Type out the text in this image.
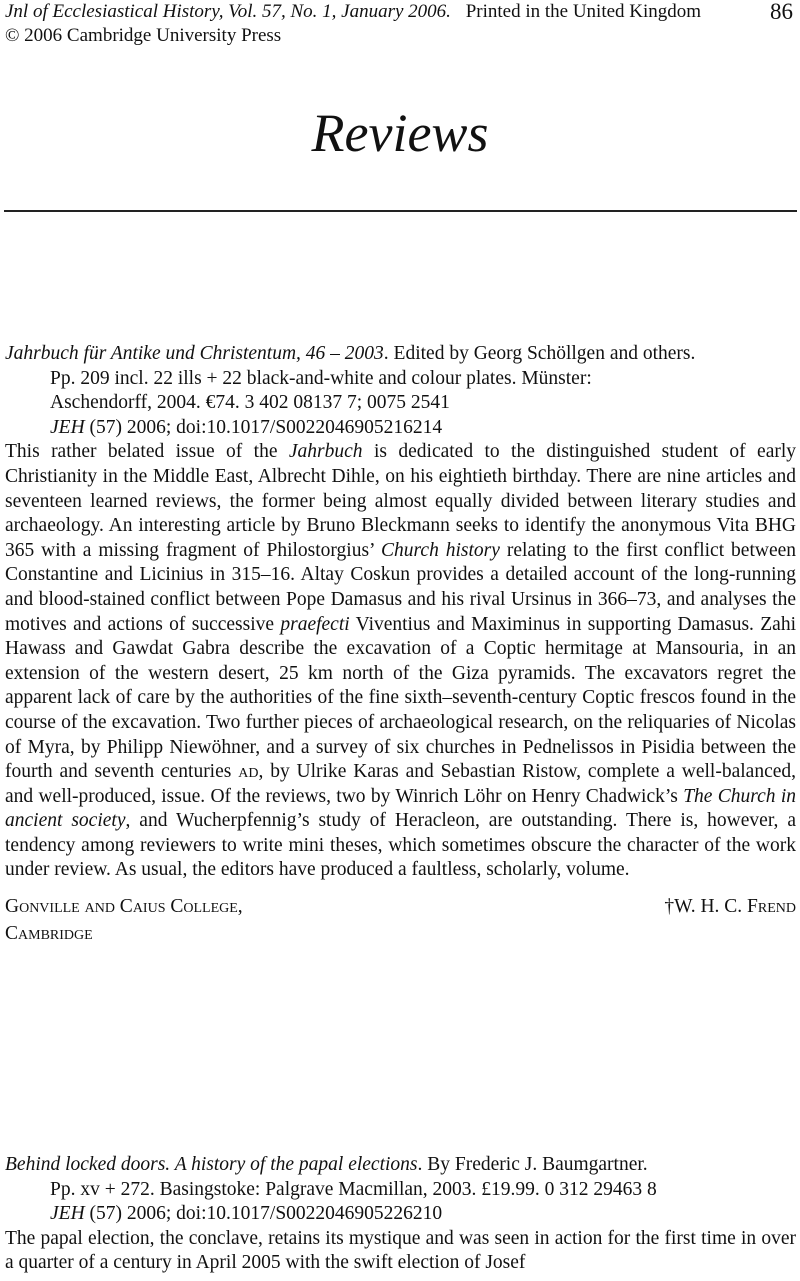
Jnl of Ecclesiastical History, Vol. 57, No. 1, January 2006. Printed in the United Kingdom
© 2006 Cambridge University Press
86
Reviews

Jahrbuch für Antike und Christentum, 46 – 2003. Edited by Georg Schöllgen and others.
Pp. 209 incl. 22 ills + 22 black-and-white and colour plates. Münster:
Aschendorff, 2004. €74. 3 402 08137 7; 0075 2541

JEH (57) 2006; doi:10.1017/S0022046905216214

This rather belated issue of the Jahrbuch is dedicated to the distinguished student of early Christianity in the Middle East, Albrecht Dihle, on his eightieth birthday. There are nine articles and seventeen learned reviews, the former being almost equally divided between literary studies and archaeology. An interesting article by Bruno Bleckmann seeks to identify the anonymous Vita BHG 365 with a missing fragment of Philostorgius’ Church history relating to the first conflict between Constantine and Licinius in 315–16. Altay Coskun provides a detailed account of the long-running and blood-stained conflict between Pope Damasus and his rival Ursinus in 366–73, and analyses the motives and actions of successive praefecti Viventius and Maximinus in supporting Damasus. Zahi Hawass and Gawdat Gabra describe the excavation of a Coptic hermitage at Mansouria, in an extension of the western desert, 25 km north of the Giza pyramids. The excavators regret the apparent lack of care by the authorities of the fine sixth–seventh-century Coptic frescos found in the course of the excavation. Two further pieces of archaeological research, on the reliquaries of Nicolas of Myra, by Philipp Niewöhner, and a survey of six churches in Pednelissos in Pisidia between the fourth and seventh centuries ad, by Ulrike Karas and Sebastian Ristow, complete a well-balanced, and well-produced, issue. Of the reviews, two by Winrich Löhr on Henry Chadwick’s The Church in ancient society, and Wucherpfennig’s study of Heracleon, are outstanding. There is, however, a tendency among reviewers to write mini theses, which sometimes obscure the character of the work under review. As usual, the editors have produced a faultless, scholarly, volume.

Gonville and Caius College,
Cambridge
†W. H. C. Frend

Behind locked doors. A history of the papal elections. By Frederic J. Baumgartner.
Pp. xv + 272. Basingstoke: Palgrave Macmillan, 2003. £19.99. 0 312 29463 8

JEH (57) 2006; doi:10.1017/S0022046905226210

The papal election, the conclave, retains its mystique and was seen in action for the first time in over a quarter of a century in April 2005 with the swift election of Josef
